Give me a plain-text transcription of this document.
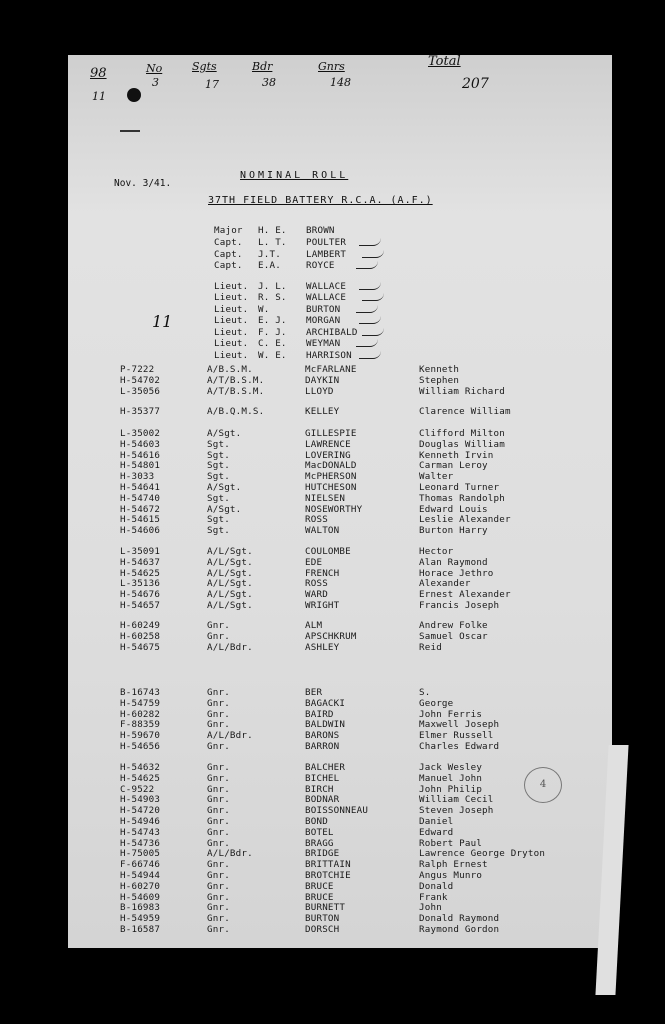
98
11
No
3
Sgts
17
Bdr
38
Gnrs
148
Total
207
Nov. 3/41.
NOMINAL ROLL
37TH FIELD BATTERY R.C.A. (A.F.)
11
4
Major H. E. BROWN
Capt. L. T. POULTER
Capt. J.T.	LAMBERT
Capt. E.A.	ROYCE
Lieut. J. L. WALLACE
Lieut. R. S. WALLACE
Lieut. W.	BURTON
Lieut. E. J. MORGAN
Lieut. F. J. ARCHIBALD
Lieut. C. E. WEYMAN
Lieut. W. E. HARRISON
P-7222	A/B.S.M.	McFARLANE	Kenneth
H-54702	A/T/B.S.M.	DAYKIN	Stephen
L-35056	A/T/B.S.M.	LLOYD	William Richard
H-35377	A/B.Q.M.S.	KELLEY	Clarence William
L-35002	A/Sgt.	GILLESPIE	Clifford Milton
H-54603	Sgt.	LAWRENCE	Douglas William
H-54616	Sgt.	LOVERING	Kenneth Irvin
H-54801	Sgt.	MacDONALD	Carman Leroy
H-3033	Sgt.	McPHERSON	Walter
H-54641	A/Sgt.	HUTCHESON	Leonard Turner
H-54740	Sgt.	NIELSEN	Thomas Randolph
H-54672	A/Sgt.	NOSEWORTHY	Edward Louis
H-54615	Sgt.	ROSS	Leslie Alexander
H-54606	Sgt.	WALTON	Burton Harry
L-35091	A/L/Sgt.	COULOMBE	Hector
H-54637	A/L/Sgt.	EDE	Alan Raymond
H-54625	A/L/Sgt.	FRENCH	Horace Jethro
L-35136	A/L/Sgt.	ROSS	Alexander
H-54676	A/L/Sgt.	WARD	Ernest Alexander
H-54657	A/L/Sgt.	WRIGHT	Francis Joseph
H-60249	Gnr.	ALM	Andrew Folke
H-60258	Gnr.	APSCHKRUM	Samuel Oscar
H-54675	A/L/Bdr.	ASHLEY	Reid
B-16743	Gnr.	BER	S.
H-54759	Gnr.	BAGACKI	George
H-60282	Gnr.	BAIRD	John Ferris
F-88359	Gnr.	BALDWIN	Maxwell Joseph
H-59670	A/L/Bdr.	BARONS	Elmer Russell
H-54656	Gnr.	BARRON	Charles Edward
H-54632	Gnr.	BALCHER	Jack Wesley
H-54625	Gnr.	BICHEL	Manuel John
C-9522	Gnr.	BIRCH	John Philip
H-54903	Gnr.	BODNAR	William Cecil
H-54720	Gnr.	BOISSONNEAU	Steven Joseph
H-54946	Gnr.	BOND	Daniel
H-54743	Gnr.	BOTEL	Edward
H-54736	Gnr.	BRAGG	Robert Paul
H-75005	A/L/Bdr.	BRIDGE	Lawrence George Dryton
F-66746	Gnr.	BRITTAIN	Ralph Ernest
H-54944	Gnr.	BROTCHIE	Angus Munro
H-60270	Gnr.	BRUCE	Donald
H-54609	Gnr.	BRUCE	Frank
B-16983	Gnr.	BURNETT	John
H-54959	Gnr.	BURTON	Donald Raymond
B-16587	Gnr.	DORSCH	Raymond Gordon
